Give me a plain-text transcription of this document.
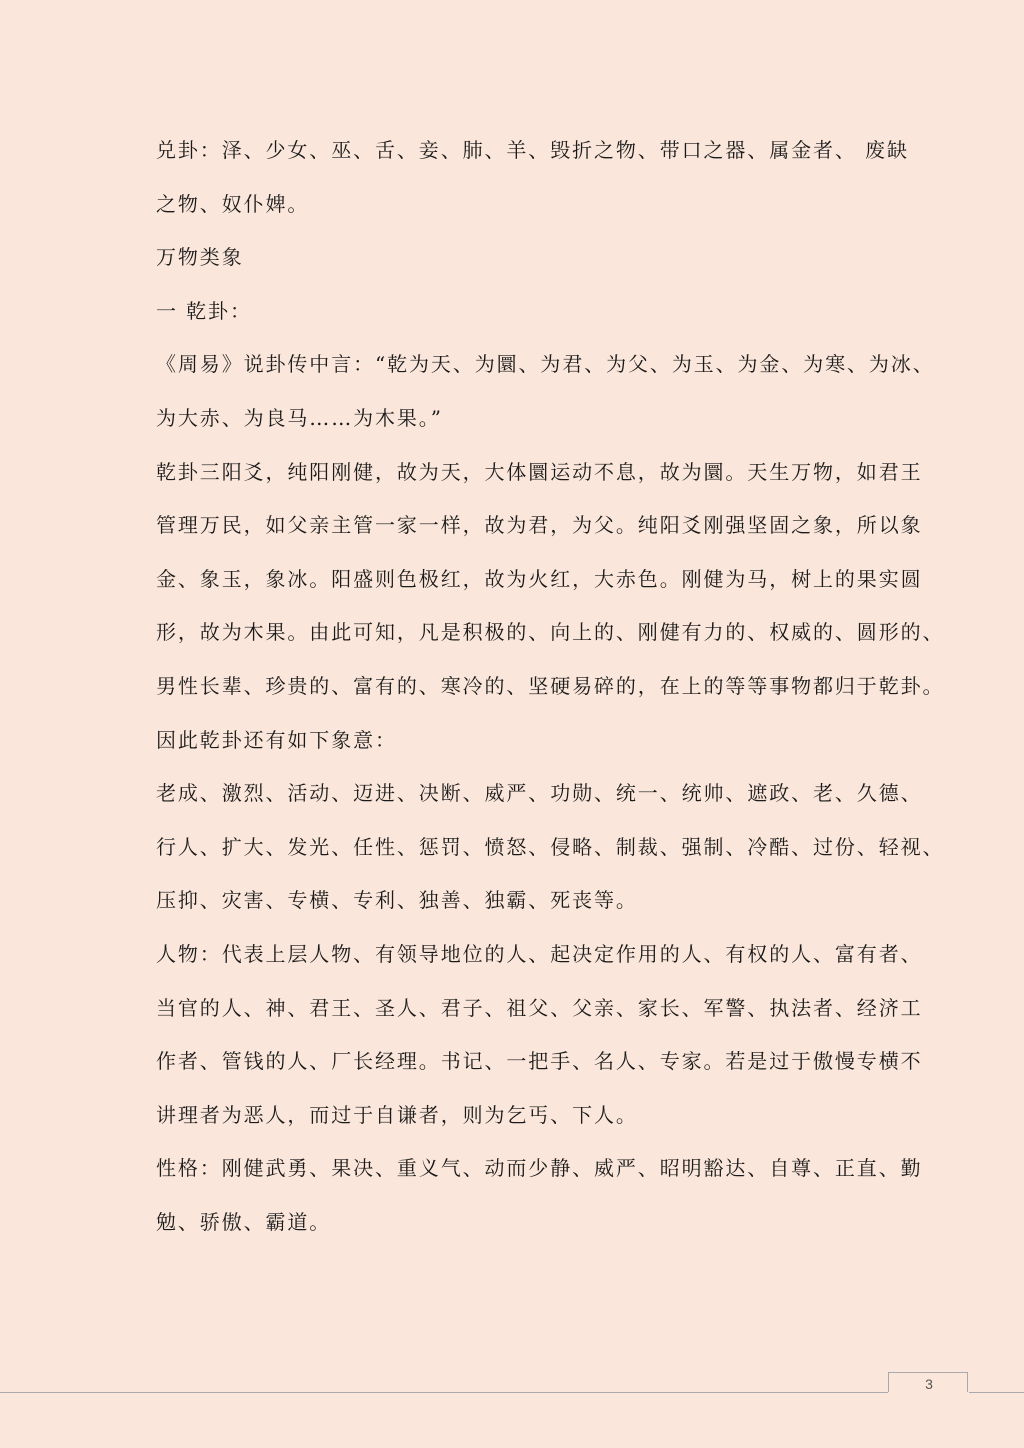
兑卦：泽、少女、巫、舌、妾、肺、羊、毁折之物、带口之器、属金者、 废缺
之物、奴仆婢。
万物类象
一 乾卦：
《周易》说卦传中言：“乾为天、为圜、为君、为父、为玉、为金、为寒、为冰、
为大赤、为良马……为木果。”
乾卦三阳爻，纯阳刚健，故为天，大体圜运动不息，故为圜。天生万物，如君王
管理万民，如父亲主管一家一样，故为君，为父。纯阳爻刚强坚固之象，所以象
金、象玉，象冰。阳盛则色极红，故为火红，大赤色。刚健为马，树上的果实圆
形，故为木果。由此可知，凡是积极的、向上的、刚健有力的、权威的、圆形的、
男性长辈、珍贵的、富有的、寒冷的、坚硬易碎的，在上的等等事物都归于乾卦。
因此乾卦还有如下象意：
老成、激烈、活动、迈进、决断、威严、功勋、统一、统帅、遮政、老、久德、
行人、扩大、发光、任性、惩罚、愤怒、侵略、制裁、强制、冷酷、过份、轻视、
压抑、灾害、专横、专利、独善、独霸、死丧等。
人物：代表上层人物、有领导地位的人、起决定作用的人、有权的人、富有者、
当官的人、神、君王、圣人、君子、祖父、父亲、家长、军警、执法者、经济工
作者、管钱的人、厂长经理。书记、一把手、名人、专家。若是过于傲慢专横不
讲理者为恶人，而过于自谦者，则为乞丐、下人。
性格：刚健武勇、果决、重义气、动而少静、威严、昭明豁达、自尊、正直、勤
勉、骄傲、霸道。
3
